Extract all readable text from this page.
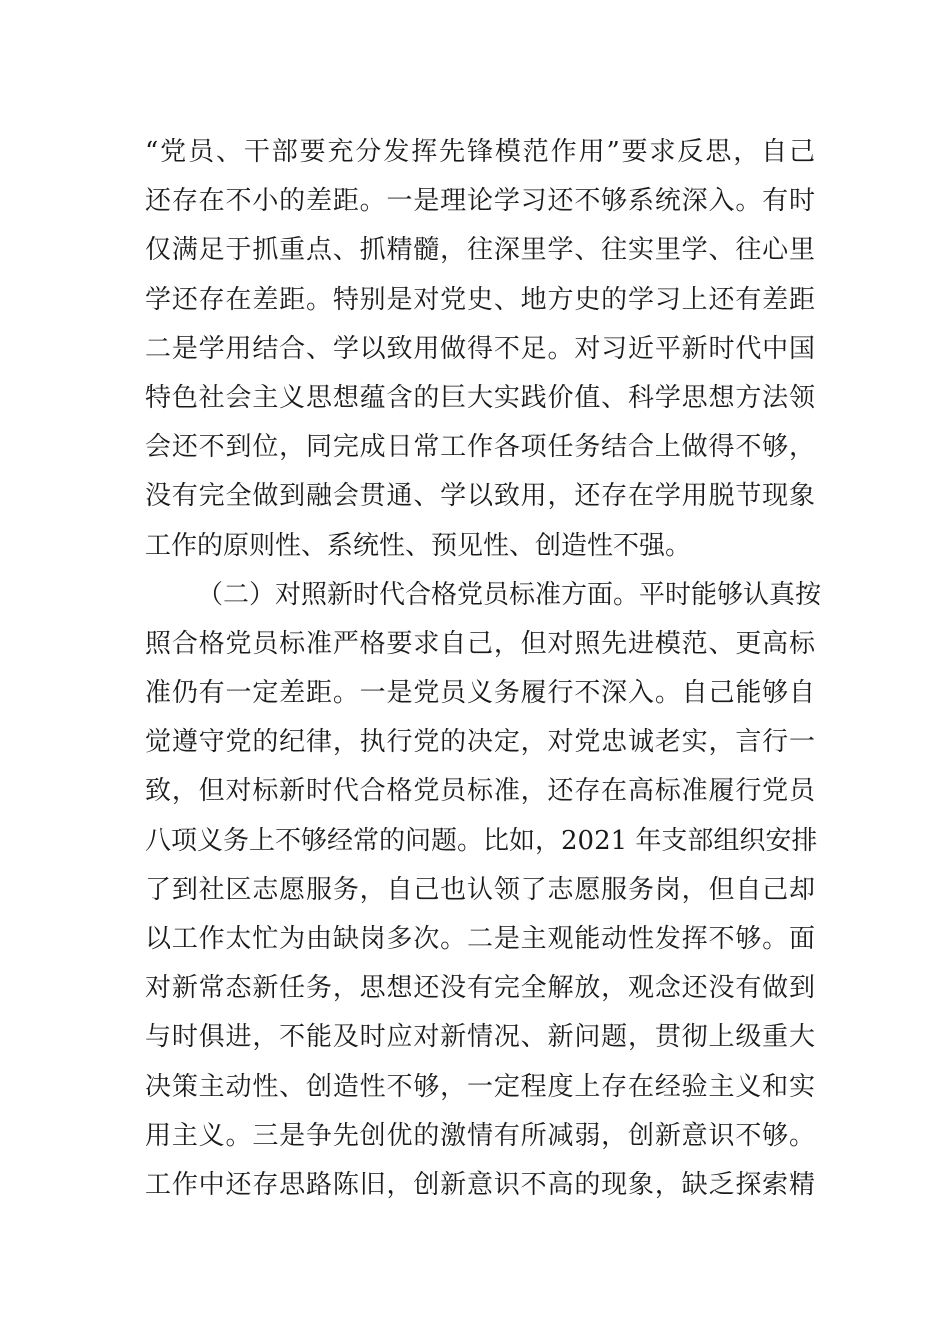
“党员、干部要充分发挥先锋模范作用”要求反思，自己
还存在不小的差距。一是理论学习还不够系统深入。有时
仅满足于抓重点、抓精髓，往深里学、往实里学、往心里
学还存在差距。特别是对党史、地方史的学习上还有差距
二是学用结合、学以致用做得不足。对习近平新时代中国
特色社会主义思想蕴含的巨大实践价值、科学思想方法领
会还不到位，同完成日常工作各项任务结合上做得不够，
没有完全做到融会贯通、学以致用，还存在学用脱节现象
工作的原则性、系统性、预见性、创造性不强。
（二）对照新时代合格党员标准方面。平时能够认真按
照合格党员标准严格要求自己，但对照先进模范、更高标
准仍有一定差距。一是党员义务履行不深入。自己能够自
觉遵守党的纪律，执行党的决定，对党忠诚老实，言行一
致，但对标新时代合格党员标准，还存在高标准履行党员
八项义务上不够经常的问题。比如，2021 年支部组织安排
了到社区志愿服务，自己也认领了志愿服务岗，但自己却
以工作太忙为由缺岗多次。二是主观能动性发挥不够。面
对新常态新任务，思想还没有完全解放，观念还没有做到
与时俱进，不能及时应对新情况、新问题，贯彻上级重大
决策主动性、创造性不够，一定程度上存在经验主义和实
用主义。三是争先创优的激情有所减弱，创新意识不够。
工作中还存思路陈旧，创新意识不高的现象，缺乏探索精
